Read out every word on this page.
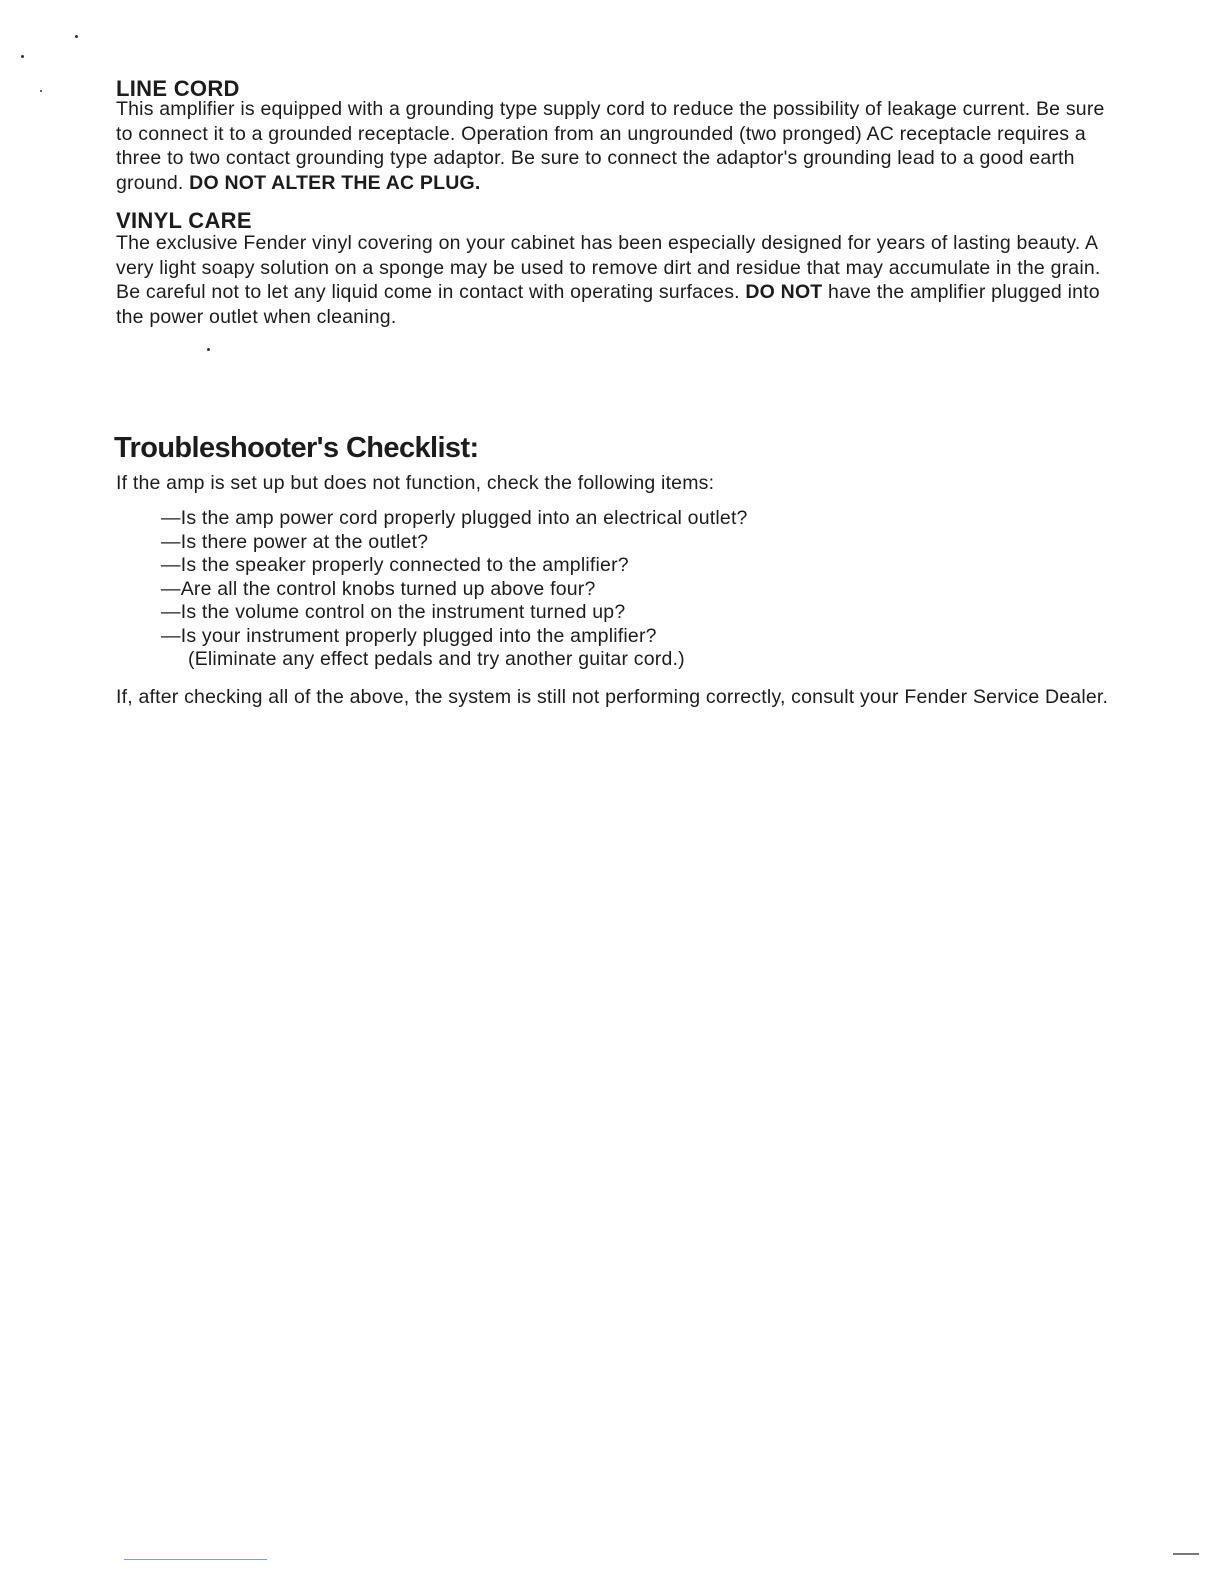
LINE CORD

This amplifier is equipped with a grounding type supply cord to reduce the possibility of leakage current. Be sure to connect it to a grounded receptacle. Operation from an ungrounded (two pronged) AC receptacle requires a three to two contact grounding type adaptor. Be sure to connect the adaptor's grounding lead to a good earth ground. DO NOT ALTER THE AC PLUG.

VINYL CARE

The exclusive Fender vinyl covering on your cabinet has been especially designed for years of lasting beauty. A very light soapy solution on a sponge may be used to remove dirt and residue that may accumulate in the grain. Be careful not to let any liquid come in contact with operating surfaces. DO NOT have the amplifier plugged into the power outlet when cleaning.

Troubleshooter's Checklist:

If the amp is set up but does not function, check the following items:

—Is the amp power cord properly plugged into an electrical outlet?
—Is there power at the outlet?
—Is the speaker properly connected to the amplifier?
—Are all the control knobs turned up above four?
—Is the volume control on the instrument turned up?
—Is your instrument properly plugged into the amplifier?
(Eliminate any effect pedals and try another guitar cord.)

If, after checking all of the above, the system is still not performing correctly, consult your Fender Service Dealer.
